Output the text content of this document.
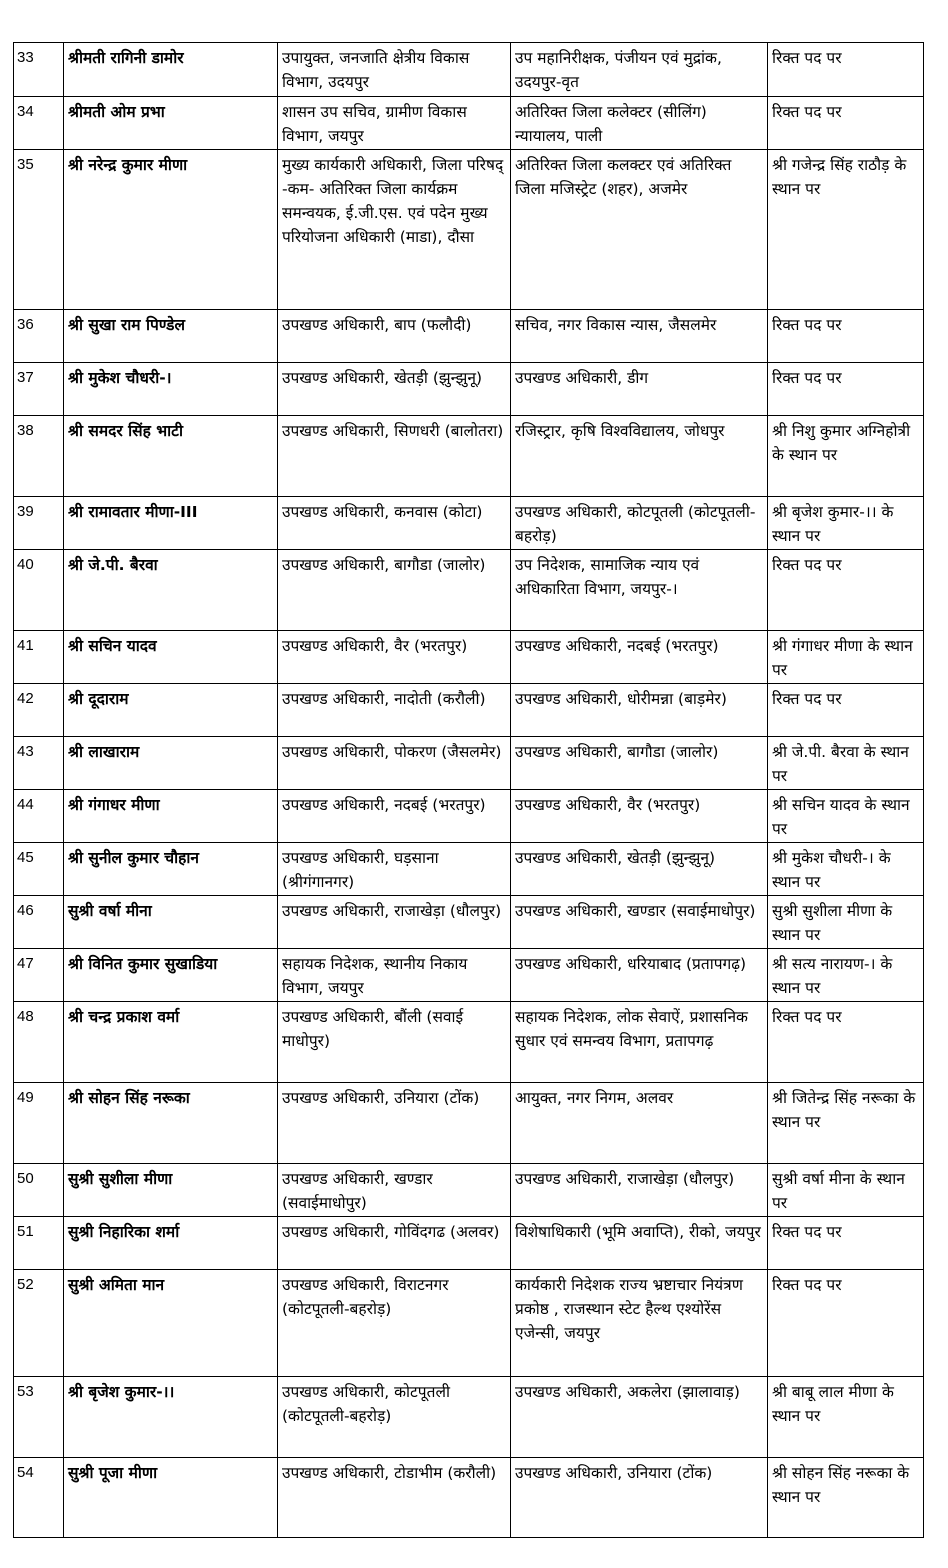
33	श्रीमती रागिनी डामोर	उपायुक्त, जनजाति क्षेत्रीय विकास विभाग, उदयपुर	उप महानिरीक्षक, पंजीयन एवं मुद्रांक, उदयपुर-वृत	रिक्त पद पर
34	श्रीमती ओम प्रभा	शासन उप सचिव, ग्रामीण विकास विभाग, जयपुर	अतिरिक्त जिला कलेक्टर (सीलिंग) न्यायालय, पाली	रिक्त पद पर
35	श्री नरेन्द्र कुमार मीणा	मुख्य कार्यकारी अधिकारी, जिला परिषद् -कम- अतिरिक्त जिला कार्यक्रम समन्वयक, ई.जी.एस. एवं पदेन मुख्य परियोजना अधिकारी (माडा), दौसा	अतिरिक्त जिला कलक्टर एवं अतिरिक्त जिला मजिस्ट्रेट (शहर), अजमेर	श्री गजेन्द्र सिंह राठौड़ के स्थान पर
36	श्री सुखा राम पिण्डेल	उपखण्ड अधिकारी, बाप (फलौदी)	सचिव, नगर विकास न्यास, जैसलमेर	रिक्त पद पर
37	श्री मुकेश चौधरी-।	उपखण्ड अधिकारी, खेतड़ी (झुन्झुनू)	उपखण्ड अधिकारी, डीग	रिक्त पद पर
38	श्री समदर सिंह भाटी	उपखण्ड अधिकारी, सिणधरी (बालोतरा)	रजिस्ट्रार, कृषि विश्वविद्यालय, जोधपुर	श्री निशु कुमार अग्निहोत्री के स्थान पर
39	श्री रामावतार मीणा-III	उपखण्ड अधिकारी, कनवास (कोटा)	उपखण्ड अधिकारी, कोटपूतली (कोटपूतली-बहरोड़)	श्री बृजेश कुमार-।। के स्थान पर
40	श्री जे.पी. बैरवा	उपखण्ड अधिकारी, बागौडा (जालोर)	उप निदेशक, सामाजिक न्याय एवं अधिकारिता विभाग, जयपुर-।	रिक्त पद पर
41	श्री सचिन यादव	उपखण्ड अधिकारी, वैर (भरतपुर)	उपखण्ड अधिकारी, नदबई (भरतपुर)	श्री गंगाधर मीणा के स्थान पर
42	श्री दूदाराम	उपखण्ड अधिकारी, नादोती (करौली)	उपखण्ड अधिकारी, धोरीमन्ना (बाड़मेर)	रिक्त पद पर
43	श्री लाखाराम	उपखण्ड अधिकारी, पोकरण (जैसलमेर)	उपखण्ड अधिकारी, बागौडा (जालोर)	श्री जे.पी. बैरवा के स्थान पर
44	श्री गंगाधर मीणा	उपखण्ड अधिकारी, नदबई (भरतपुर)	उपखण्ड अधिकारी, वैर (भरतपुर)	श्री सचिन यादव के स्थान पर
45	श्री सुनील कुमार चौहान	उपखण्ड अधिकारी, घड़साना (श्रीगंगानगर)	उपखण्ड अधिकारी, खेतड़ी (झुन्झुनू)	श्री मुकेश चौधरी-। के स्थान पर
46	सुश्री वर्षा मीना	उपखण्ड अधिकारी, राजाखेड़ा (धौलपुर)	उपखण्ड अधिकारी, खण्डार (सवाईमाधोपुर)	सुश्री सुशीला मीणा के स्थान पर
47	श्री विनित कुमार सुखाडिया	सहायक निदेशक, स्थानीय निकाय विभाग, जयपुर	उपखण्ड अधिकारी, धरियाबाद (प्रतापगढ़)	श्री सत्य नारायण-। के स्थान पर
48	श्री चन्द्र प्रकाश वर्मा	उपखण्ड अधिकारी, बौंली (सवाई माधोपुर)	सहायक निदेशक, लोक सेवाऐं, प्रशासनिक सुधार एवं समन्वय विभाग, प्रतापगढ़	रिक्त पद पर
49	श्री सोहन सिंह नरूका	उपखण्ड अधिकारी, उनियारा (टोंक)	आयुक्त, नगर निगम, अलवर	श्री जितेन्द्र सिंह नरूका के स्थान पर
50	सुश्री सुशीला मीणा	उपखण्ड अधिकारी, खण्डार (सवाईमाधोपुर)	उपखण्ड अधिकारी, राजाखेड़ा (धौलपुर)	सुश्री वर्षा मीना के स्थान पर
51	सुश्री निहारिका शर्मा	उपखण्ड अधिकारी, गोविंदगढ (अलवर)	विशेषाधिकारी (भूमि अवाप्ति), रीको, जयपुर	रिक्त पद पर
52	सुश्री अमिता मान	उपखण्ड अधिकारी, विराटनगर (कोटपूतली-बहरोड़)	कार्यकारी निदेशक राज्य भ्रष्टाचार नियंत्रण प्रकोष्ठ , राजस्थान स्टेट हैल्थ एश्योरेंस एजेन्सी, जयपुर	रिक्त पद पर
53	श्री बृजेश कुमार-।।	उपखण्ड अधिकारी, कोटपूतली (कोटपूतली-बहरोड़)	उपखण्ड अधिकारी, अकलेरा (झालावाड़)	श्री बाबू लाल मीणा के स्थान पर
54	सुश्री पूजा मीणा	उपखण्ड अधिकारी, टोडाभीम (करौली)	उपखण्ड अधिकारी, उनियारा (टोंक)	श्री सोहन सिंह नरूका के स्थान पर
